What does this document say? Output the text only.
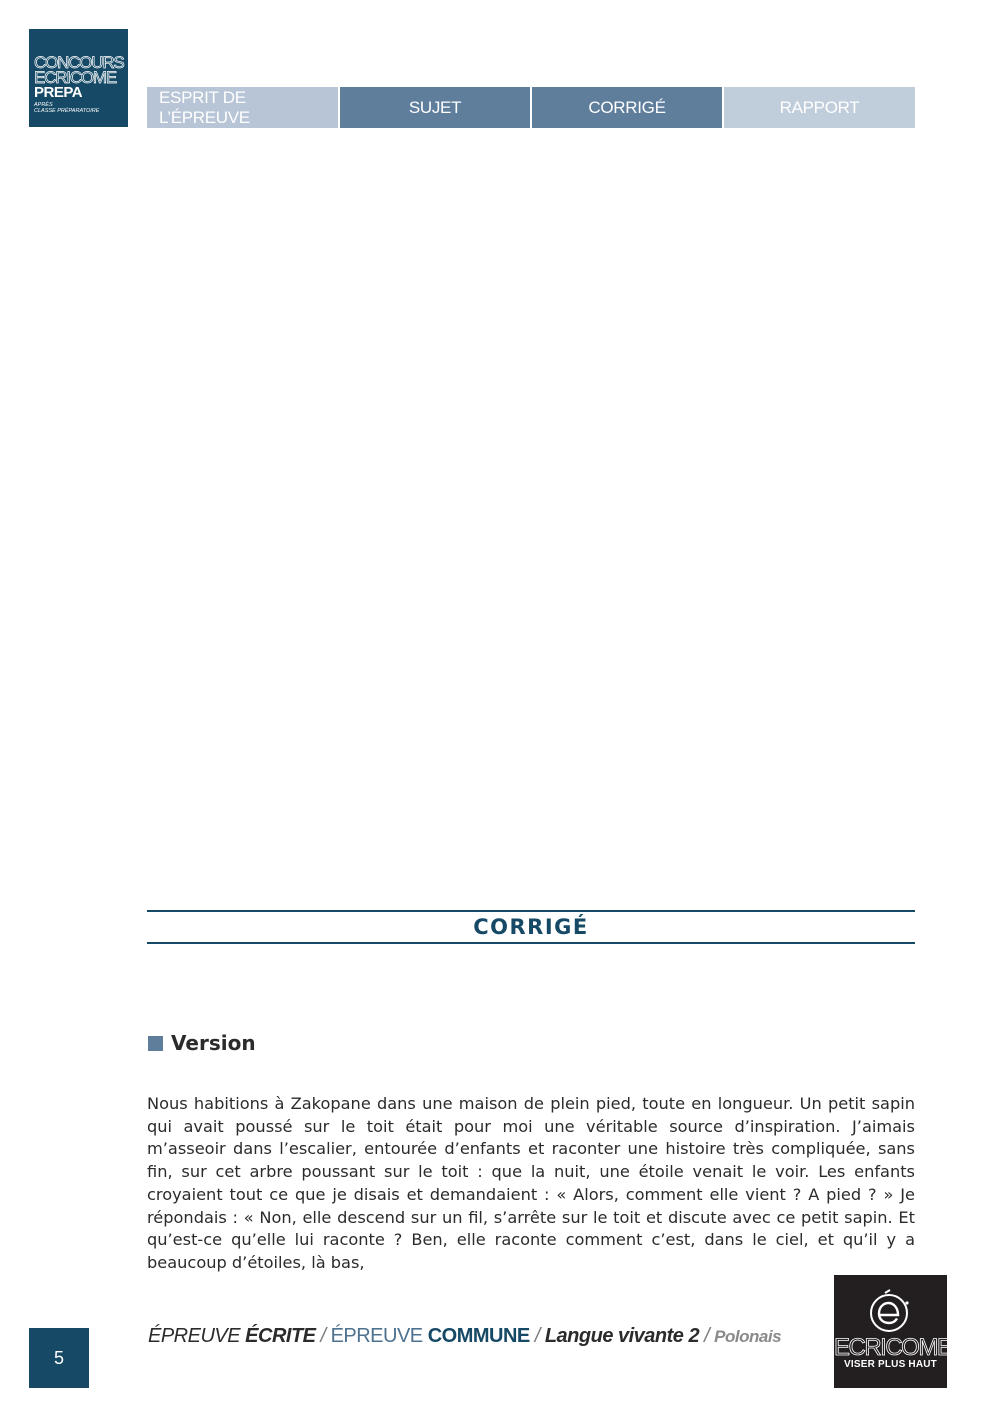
CONCOURS
ECRICOME
PREPA
APRÈS
CLASSE PRÉPARATOIRE
ESPRIT DE L’ÉPREUVE
SUJET	CORRIGÉ	RAPPORT
CORRIGÉ
Version

Nous habitions à Zakopane dans une maison de plein pied, toute en longueur. Un petit sapin qui avait poussé sur le toit était pour moi une véritable source d’inspiration. J’aimais m’asseoir dans l’escalier, entourée d’enfants et raconter une histoire très compliquée, sans fin, sur cet arbre poussant sur le toit : que la nuit, une étoile venait le voir. Les enfants croyaient tout ce que je disais et demandaient : « Alors, comment elle vient ? A pied ? » Je répondais : « Non, elle descend sur un fil, s’arrête sur le toit et discute avec ce petit sapin. Et qu’est-ce qu’elle lui raconte ? Ben, elle raconte comment c’est, dans le ciel, et qu’il y a beaucoup d’étoiles, là bas,

5
ÉPREUVE ÉCRITE / ÉPREUVE COMMUNE / Langue vivante 2 / Polonais ECRICOME
VISER PLUS HAUT
